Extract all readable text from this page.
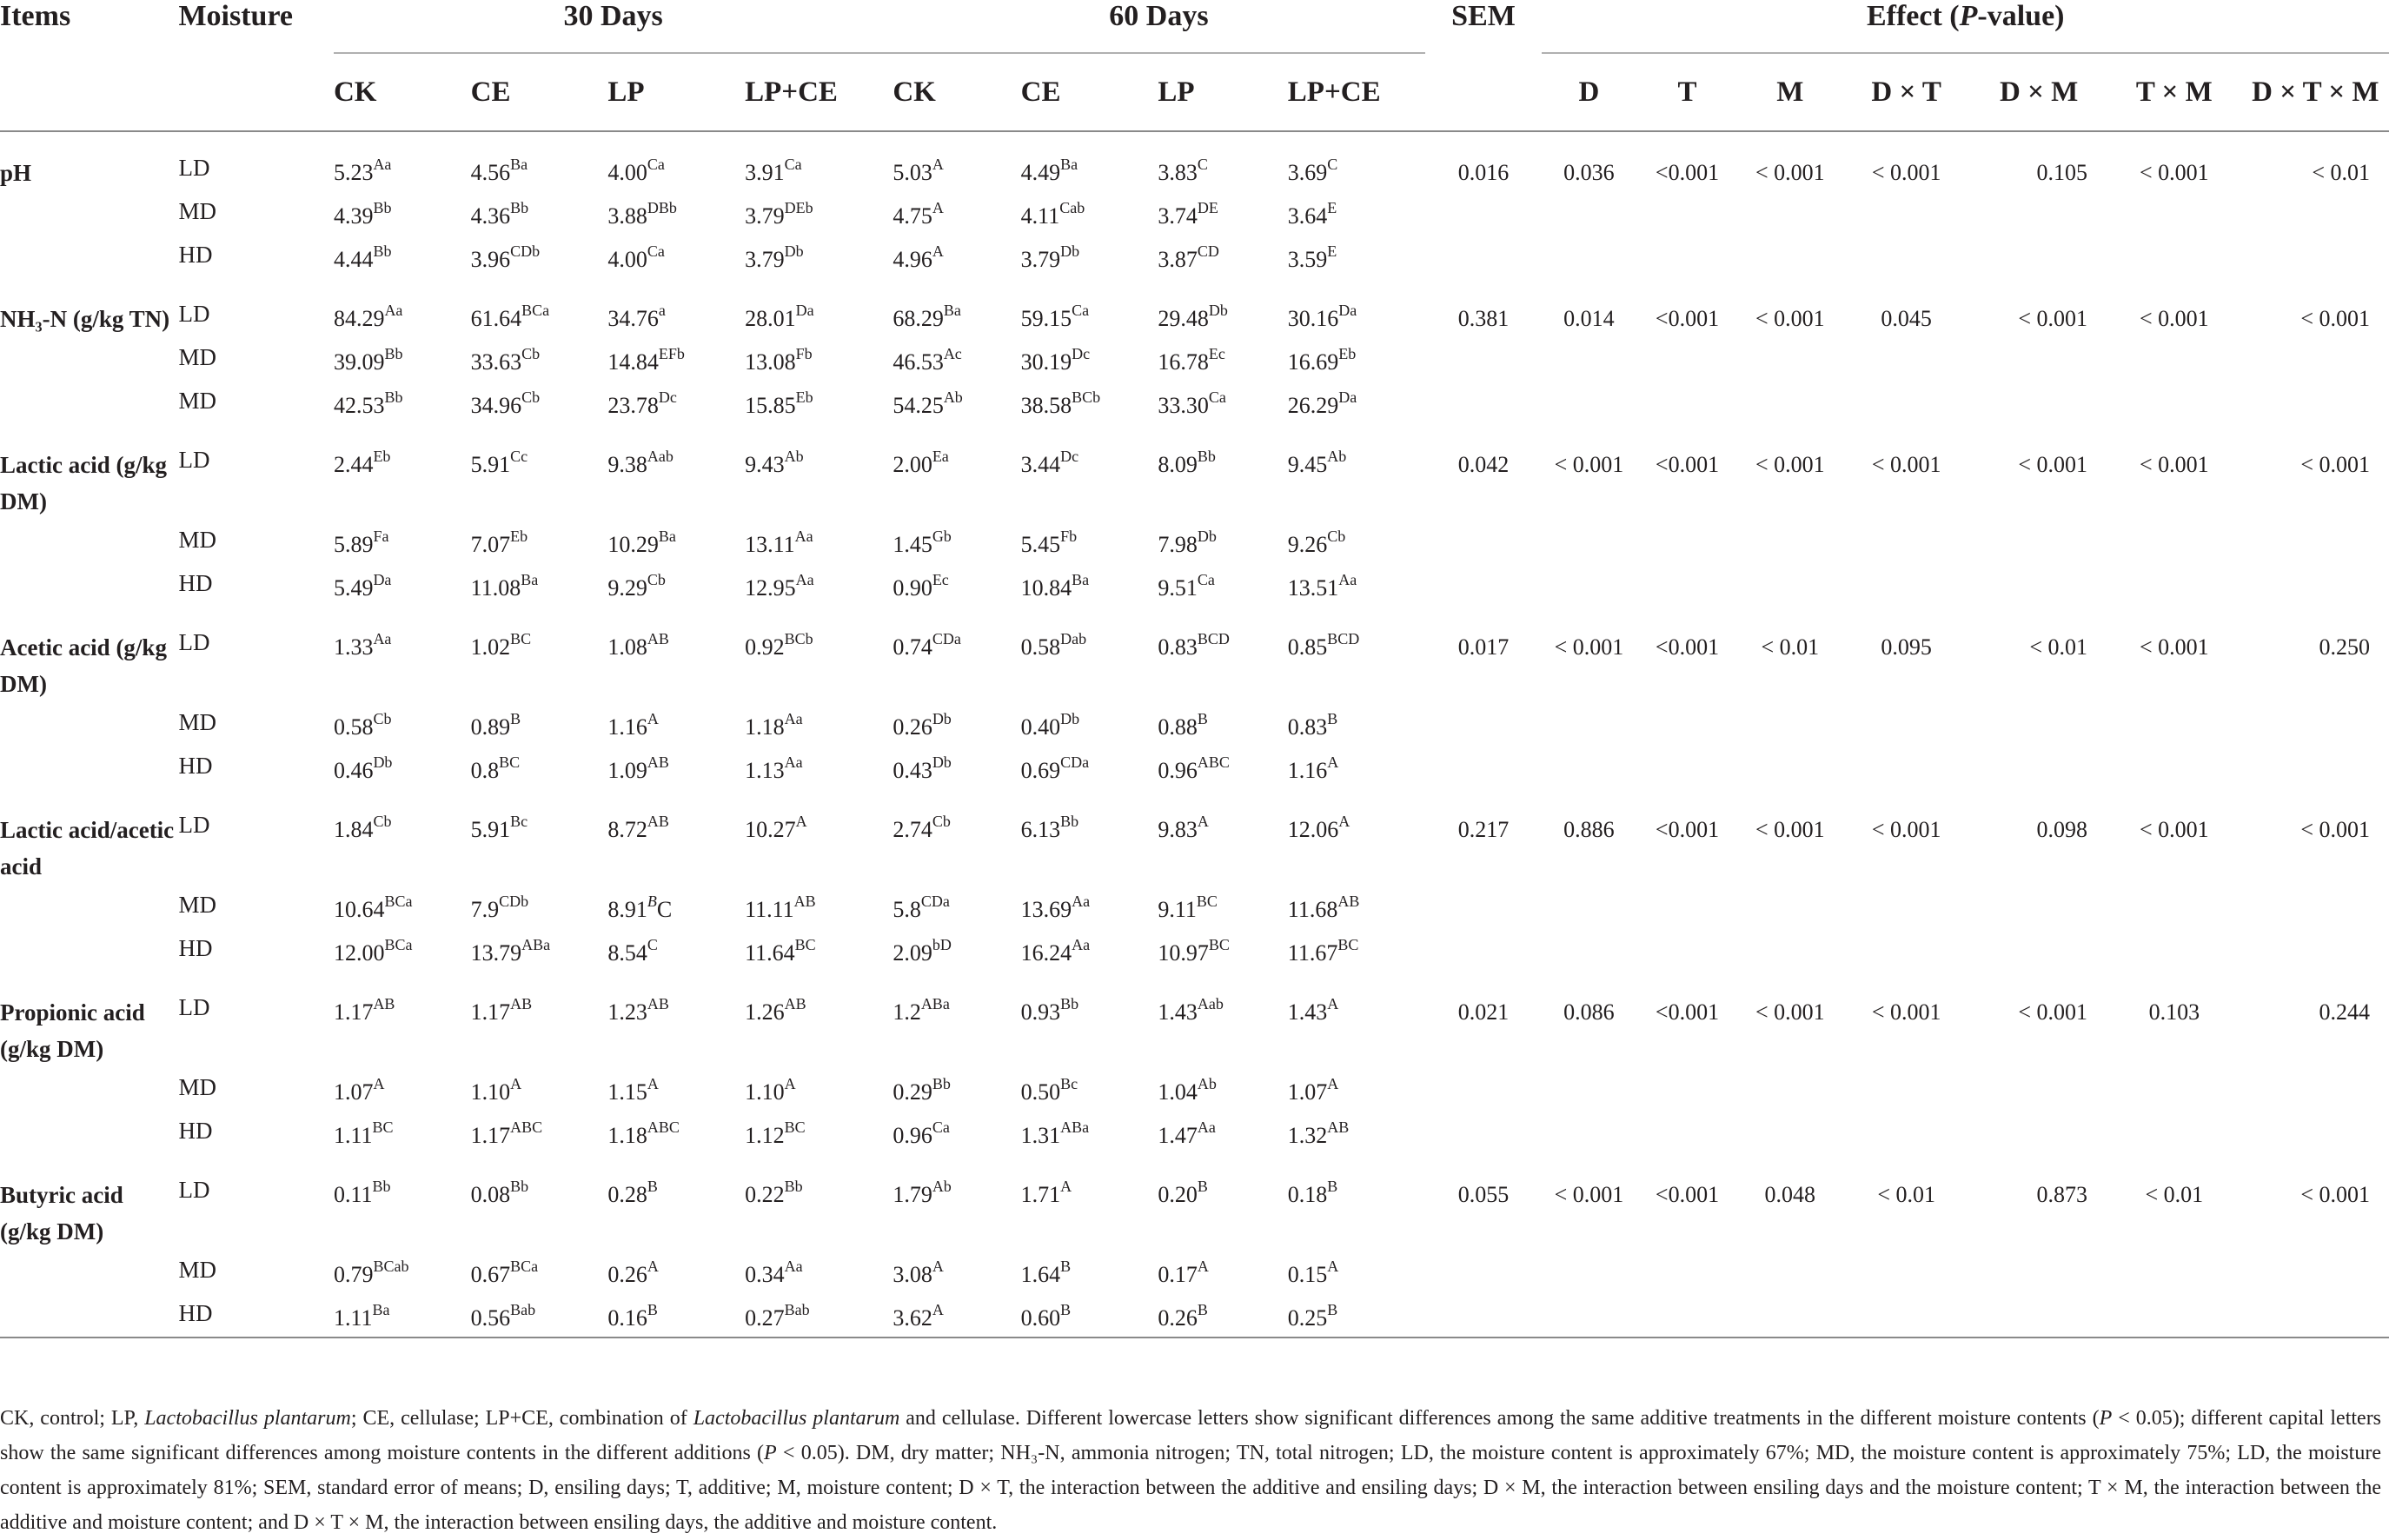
Items	Moisture	30 Days				60 Days				SEM	Effect (P-value)						
		CK	CE	LP	LP+CE	CK	CE	LP	LP+CE		D	T	M	D × T	D × M	T × M	D × T × M
pH	LD	$5.23^{Aa}$	$4.56^{Ba}$	$4.00^{Ca}$	$3.91^{Ca}$	$5.03^A$	$4.49^{Ba}$	$3.83^C$	$3.69^C$	0.016	0.036	<0.001	< 0.001	< 0.001	0.105	< 0.001	< 0.01
	MD	$4.39^{Bb}$	$4.36^{Bb}$	$3.88^{DBb}$	$3.79^{DEb}$	$4.75^A$	$4.11^{Cab}$	3.74DE	$3.64^E$								
	HD	$4.44^{Bb}$	$3.96^{CDb}$	$4.00^{Ca}$	$3.79^{Db}$	$4.96^A$	$3.79^{Db}$	$3.87^{CD}$	$3.59^E$								
NH₃-N (g/kg TN)	LD	$84.29^{Aa}$	$61.64^{BCa}$	34.76$^a$	$28.01^{Da}$	$68.29^{Ba}$	$59.15^{Ca}$	$29.48^{Db}$	$30.16^{Da}$	0.381	0.014	<0.001	< 0.001	0.045	< 0.001	< 0.001	< 0.001
	MD	$39.09^{Bb}$	$33.63^{Cb}$	$14.84^{EFb}$	$13.08^{Fb}$	$46.53^{Ac}$	$30.19^{Dc}$	$16.78^{Ec}$	$16.69^{Eb}$								
	MD	$42.53^{Bb}$	$34.96^{Cb}$	$23.78^{Dc}$	$15.85^{Eb}$	$54.25^{Ab}$	$38.58^{BCb}$	$33.30^{Ca}$	$26.29^{Da}$								
Lactic acid (g/kg DM)	LD	$2.44^{Eb}$	$5.91^{Cc}$	$9.38^{Aab}$	$9.43^{Ab}$	$2.00^{Ea}$	$3.44^{Dc}$	$8.09^{Bb}$	$9.45^{Ab}$	0.042	< 0.001	<0.001	< 0.001	< 0.001	< 0.001	< 0.001	< 0.001
	MD	$5.89^{Fa}$	$7.07^{Eb}$	$10.29^{Ba}$	$13.11^{Aa}$	$1.45^{Gb}$	$5.45^{Fb}$	$7.98^{Db}$	$9.26^{Cb}$								
	HD	$5.49^{Da}$	$11.08^{Ba}$	$9.29^{Cb}$	$12.95^{Aa}$	$0.90^{Ec}$	$10.84^{Ba}$	$9.51^{Ca}$	$13.51^{Aa}$								
Acetic acid (g/kg DM)	LD	$1.33^{Aa}$	$1.02^{BC}$	$1.08^{AB}$	$0.92^{BCb}$	$0.74^{CDa}$	$0.58^{Dab}$	$0.83^{BCD}$	$0.85^{BCD}$	0.017	< 0.001	<0.001	< 0.01	0.095	< 0.01	< 0.001	0.250
	MD	$0.58^{Cb}$	$0.89^B$	$1.16^A$	$1.18^{Aa}$	$0.26^{Db}$	$0.40^{Db}$	$0.88^B$	$0.83^B$								
	HD	$0.46^{Db}$	$0.8^{BC}$	$1.09^{AB}$	$1.13^{Aa}$	$0.43^{Db}$	$0.69^{CDa}$	$0.96^{ABC}$	$1.16^A$								
Lactic acid/acetic acid	LD	$1.84^{Cb}$	$5.91^{Bc}$	$8.72^{AB}$	$10.27^A$	$2.74^{Cb}$	$6.13^{Bb}$	$9.83^A$	$12.06^A$	0.217	0.886	<0.001	< 0.001	< 0.001	0.098	< 0.001	< 0.001
	MD	$10.64^{BCa}$	$7.9^{CDb}$	$8.91^BC$	$11.11^{AB}$	$5.8^{CDa}$	$13.69^{Aa}$	$9.11^{BC}$	$11.68^{AB}$								
	HD	$12.00^{BCa}$	$13.79^{ABa}$	$8.54^C$	$11.64^{BC}$	$2.09^{bD}$	$16.24^{Aa}$	$10.97^{BC}$	$11.67^{BC}$								
Propionic acid (g/kg DM)	LD	$1.17^{AB}$	$1.17^{AB}$	$1.23^{AB}$	$1.26^{AB}$	$1.2^{ABa}$	$0.93^{Bb}$	$1.43^{Aab}$	$1.43^A$	0.021	0.086	<0.001	< 0.001	< 0.001	< 0.001	0.103	0.244
	MD	$1.07^A$	$1.10^A$	$1.15^A$	$1.10^A$	$0.29^{Bb}$	$0.50^{Bc}$	$1.04^{Ab}$	$1.07^A$								
	HD	$1.11^{BC}$	$1.17^{ABC}$	$1.18^{ABC}$	$1.12^{BC}$	$0.96^{Ca}$	$1.31^{ABa}$	$1.47^{Aa}$	$1.32^{AB}$								
Butyric acid (g/kg DM)	LD	$0.11^{Bb}$	$0.08^{Bb}$	$0.28^B$	$0.22^{Bb}$	$1.79^{Ab}$	$1.71^A$	$0.20^B$	$0.18^B$	0.055	< 0.001	<0.001	0.048	< 0.01	0.873	< 0.01	< 0.001
	MD	$0.79^{BCab}$	$0.67^{BCa}$	$0.26^A$	$0.34^{Aa}$	$3.08^A$	$1.64^B$	$0.17^A$	$0.15^A$								
	HD	$1.11^{Ba}$	$0.56^{Bab}$	$0.16^B$	$0.27^{Bab}$	$3.62^A$	$0.60^B$	$0.26^B$	$0.25^B$								
CK, control; LP, Lactobacillus plantarum; CE, cellulase; LP+CE, combination of Lactobacillus plantarum and cellulase. Different lowercase letters show significant differences among the same additive treatments in the different moisture contents (P < 0.05); different capital letters show the same significant differences among moisture contents in the different additions (P < 0.05). DM, dry matter; NH₃-N, ammonia nitrogen; TN, total nitrogen; LD, the moisture content is approximately 67%; MD, the moisture content is approximately 75%; LD, the moisture content is approximately 81%; SEM, standard error of means; D, ensiling days; T, additive; M, moisture content; D × T, the interaction between the additive and ensiling days; D × M, the interaction between ensiling days and the moisture content; T × M, the interaction between the additive and moisture content; and D × T × M, the interaction between ensiling days, the additive and moisture content.
